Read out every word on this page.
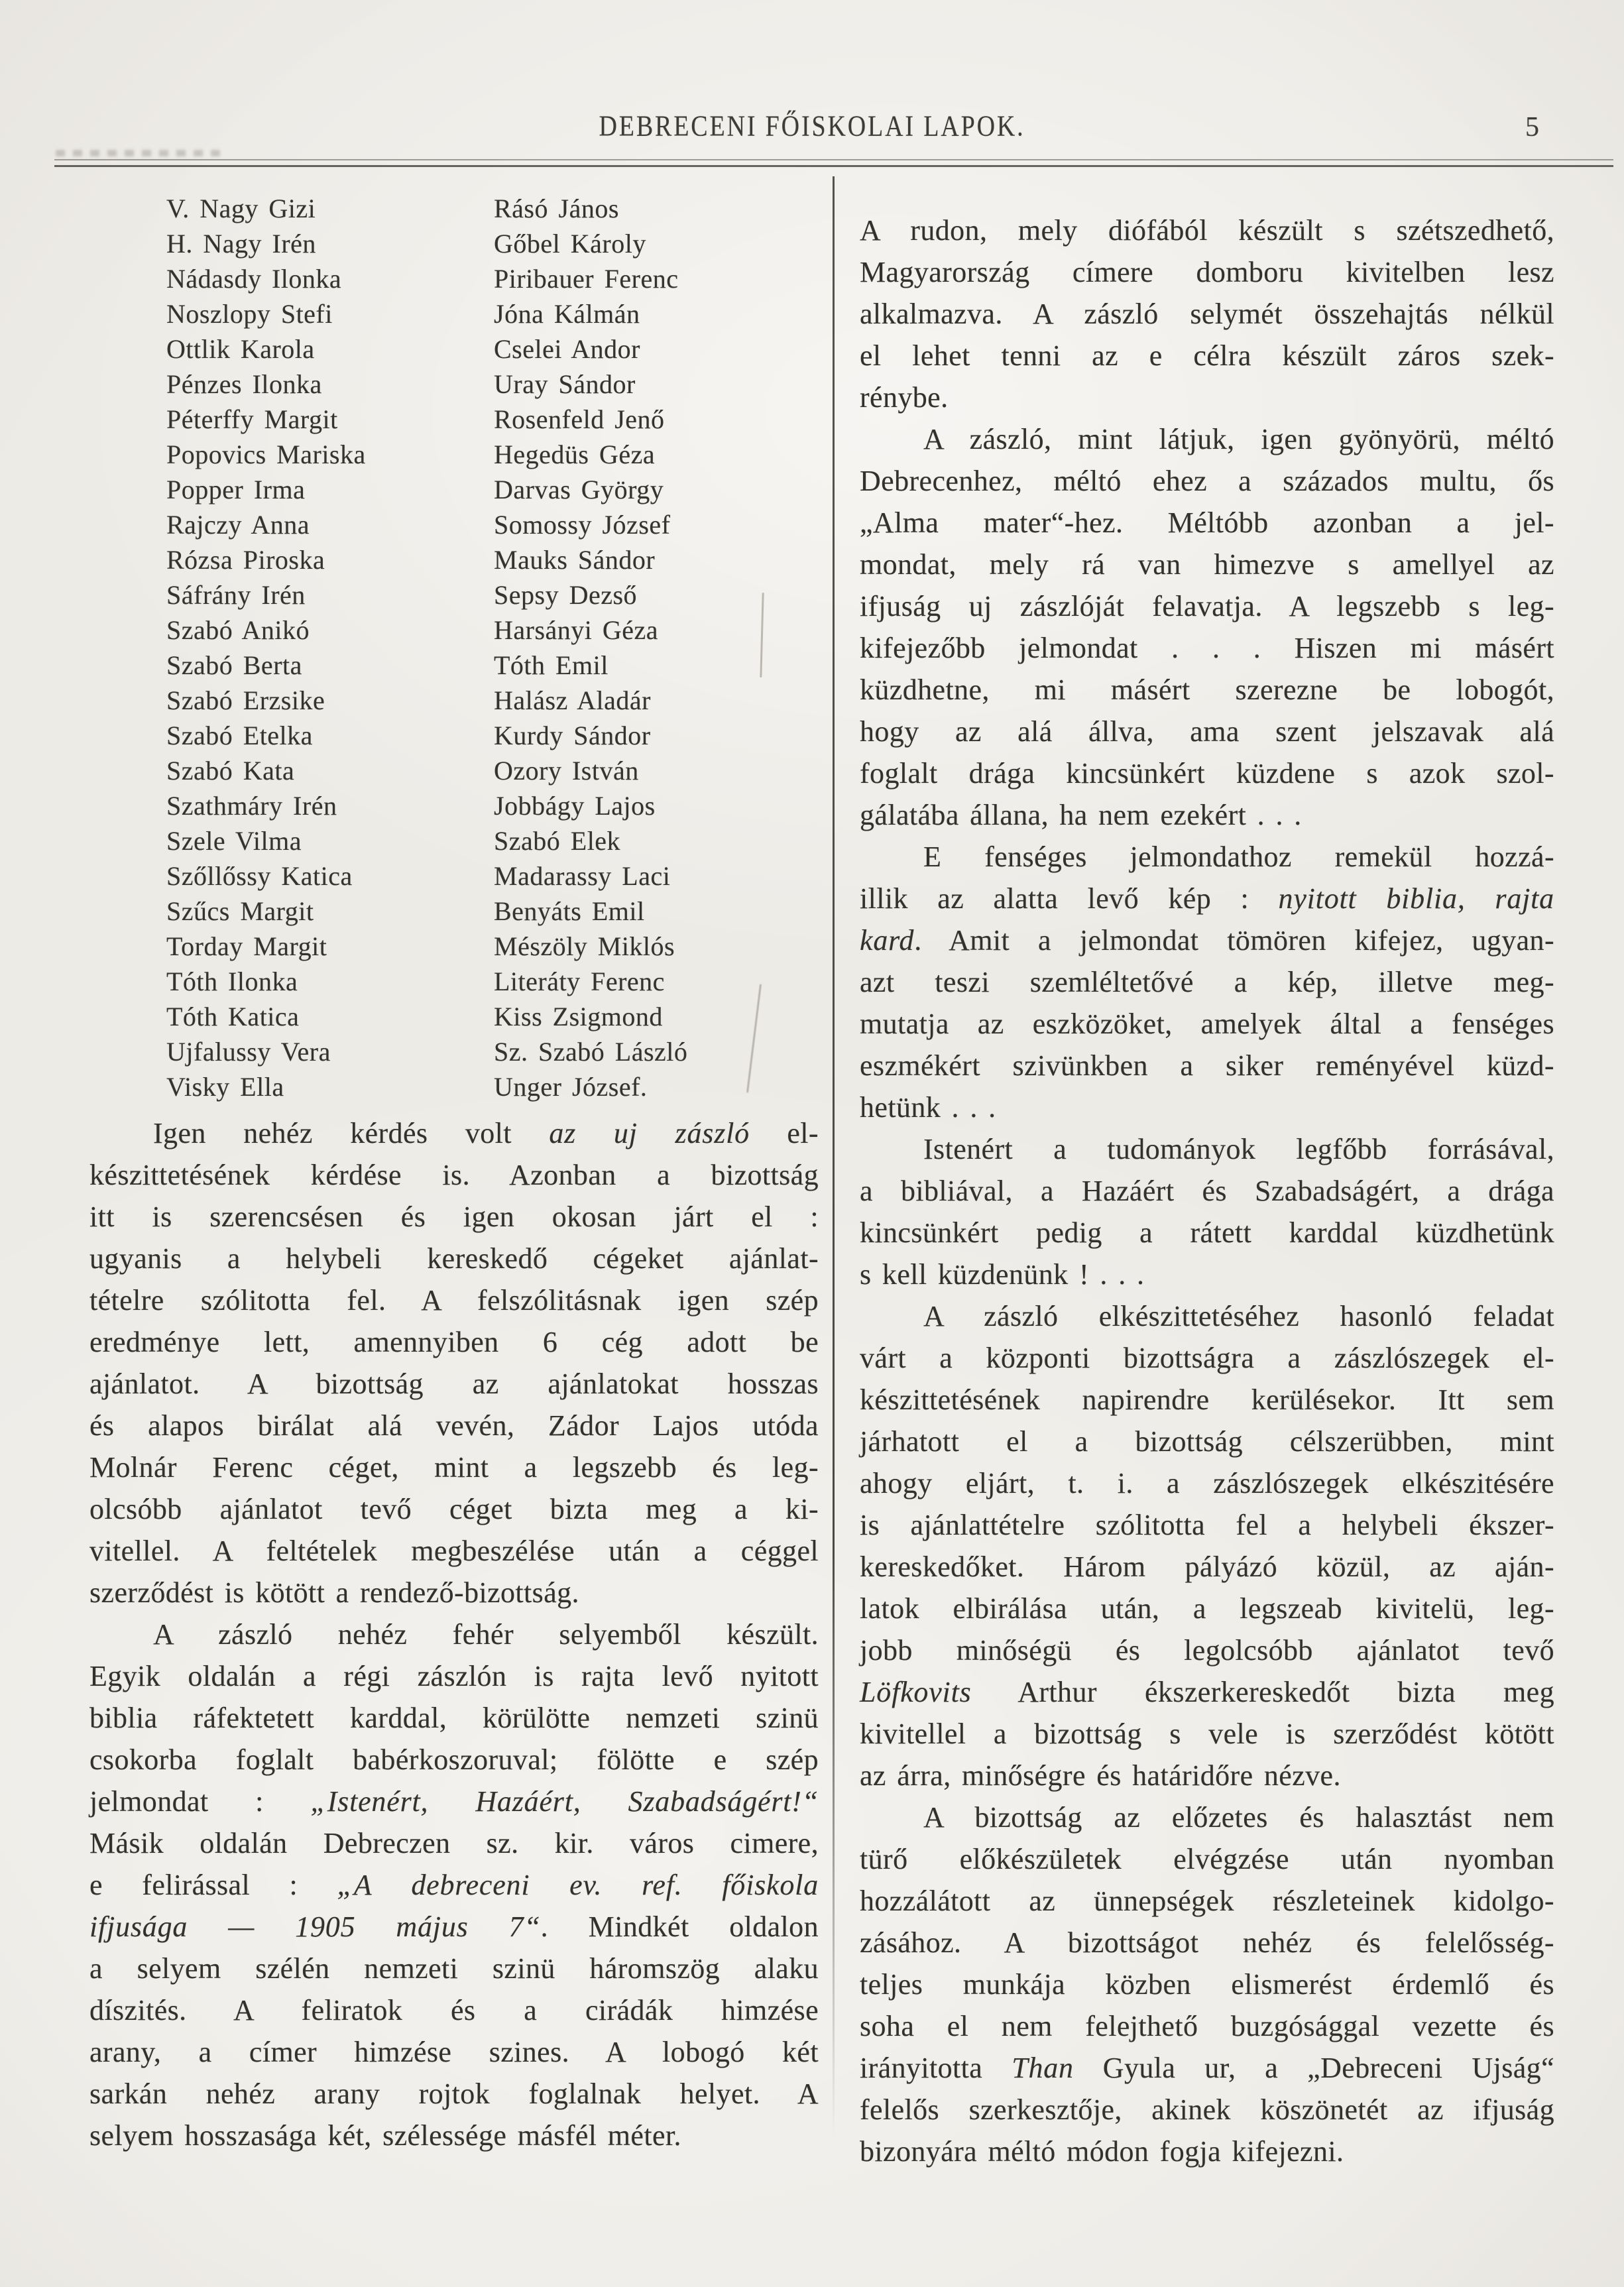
DEBRECENI FŐISKOLAI LAPOK.	5
V. Nagy Gizi
H. Nagy Irén
Nádasdy Ilonka
Noszlopy Stefi
Ottlik Karola
Pénzes Ilonka
Péterffy Margit
Popovics Mariska
Popper Irma
Rajczy Anna
Rózsa Piroska
Sáfrány Irén
Szabó Anikó
Szabó Berta
Szabó Erzsike
Szabó Etelka
Szabó Kata
Szathmáry Irén
Szele Vilma
Szőllőssy Katica
Szűcs Margit
Torday Margit
Tóth Ilonka
Tóth Katica
Ujfalussy Vera
Visky Ella
Rásó János
Gőbel Károly
Piribauer Ferenc
Jóna Kálmán
Cselei Andor
Uray Sándor
Rosenfeld Jenő
Hegedüs Géza
Darvas György
Somossy József
Mauks Sándor
Sepsy Dezső
Harsányi Géza
Tóth Emil
Halász Aladár
Kurdy Sándor
Ozory István
Jobbágy Lajos
Szabó Elek
Madarassy Laci
Benyáts Emil
Mészöly Miklós
Literáty Ferenc
Kiss Zsigmond
Sz. Szabó László
Unger József.
Igen nehéz kérdés volt az uj zászló el-
készittetésének kérdése is. Azonban a bizottság
itt is szerencsésen és igen okosan járt el :
ugyanis a helybeli kereskedő cégeket ajánlat-
tételre szólitotta fel. A felszólitásnak igen szép
eredménye lett, amennyiben 6 cég adott be
ajánlatot. A bizottság az ajánlatokat hosszas
és alapos birálat alá vevén, Zádor Lajos utóda
Molnár Ferenc céget, mint a legszebb és leg-
olcsóbb ajánlatot tevő céget bizta meg a ki-
vitellel. A feltételek megbeszélése után a céggel
szerződést is kötött a rendező-bizottság.
A zászló nehéz fehér selyemből készült.
Egyik oldalán a régi zászlón is rajta levő nyitott
biblia ráfektetett karddal, körülötte nemzeti szinü
csokorba foglalt babérkoszoruval; fölötte e szép
jelmondat : „Istenért, Hazáért, Szabadságért!“
Másik oldalán Debreczen sz. kir. város cimere,
e felirással : „A debreceni ev. ref. főiskola
ifjusága — 1905 május 7“. Mindkét oldalon
a selyem szélén nemzeti szinü háromszög alaku
díszités. A feliratok és a cirádák himzése
arany, a címer himzése szines. A lobogó két
sarkán nehéz arany rojtok foglalnak helyet. A
selyem hosszasága két, szélessége másfél méter.
A rudon, mely diófából készült s szétszedhető,
Magyarország címere domboru kivitelben lesz
alkalmazva. A zászló selymét összehajtás nélkül
el lehet tenni az e célra készült záros szek-
rénybe.
A zászló, mint látjuk, igen gyönyörü, méltó
Debrecenhez, méltó ehez a százados multu, ős
„Alma mater“-hez. Méltóbb azonban a jel-
mondat, mely rá van himezve s amellyel az
ifjuság uj zászlóját felavatja. A legszebb s leg-
kifejezőbb jelmondat . . . Hiszen mi másért
küzdhetne, mi másért szerezne be lobogót,
hogy az alá állva, ama szent jelszavak alá
foglalt drága kincsünkért küzdene s azok szol-
gálatába állana, ha nem ezekért . . .
E fenséges jelmondathoz remekül hozzá-
illik az alatta levő kép : nyitott biblia, rajta
kard. Amit a jelmondat tömören kifejez, ugyan-
azt teszi szemléltetővé a kép, illetve meg-
mutatja az eszközöket, amelyek által a fenséges
eszmékért szivünkben a siker reményével küzd-
hetünk . . .
Istenért a tudományok legfőbb forrásával,
a bibliával, a Hazáért és Szabadságért, a drága
kincsünkért pedig a rátett karddal küzdhetünk
s kell küzdenünk ! . . .
A zászló elkészittetéséhez hasonló feladat
várt a központi bizottságra a zászlószegek el-
készittetésének napirendre kerülésekor. Itt sem
járhatott el a bizottság célszerübben, mint
ahogy eljárt, t. i. a zászlószegek elkészitésére
is ajánlattételre szólitotta fel a helybeli ékszer-
kereskedőket. Három pályázó közül, az aján-
latok elbirálása után, a legszeab kivitelü, leg-
jobb minőségü és legolcsóbb ajánlatot tevő
Löfkovits Arthur ékszerkereskedőt bizta meg
kivitellel a bizottság s vele is szerződést kötött
az árra, minőségre és határidőre nézve.
A bizottság az előzetes és halasztást nem
türő előkészületek elvégzése után nyomban
hozzálátott az ünnepségek részleteinek kidolgo-
zásához. A bizottságot nehéz és felelősség-
teljes munkája közben elismerést érdemlő és
soha el nem felejthető buzgósággal vezette és
irányitotta Than Gyula ur, a „Debreceni Ujság“
felelős szerkesztője, akinek köszönetét az ifjuság
bizonyára méltó módon fogja kifejezni.
